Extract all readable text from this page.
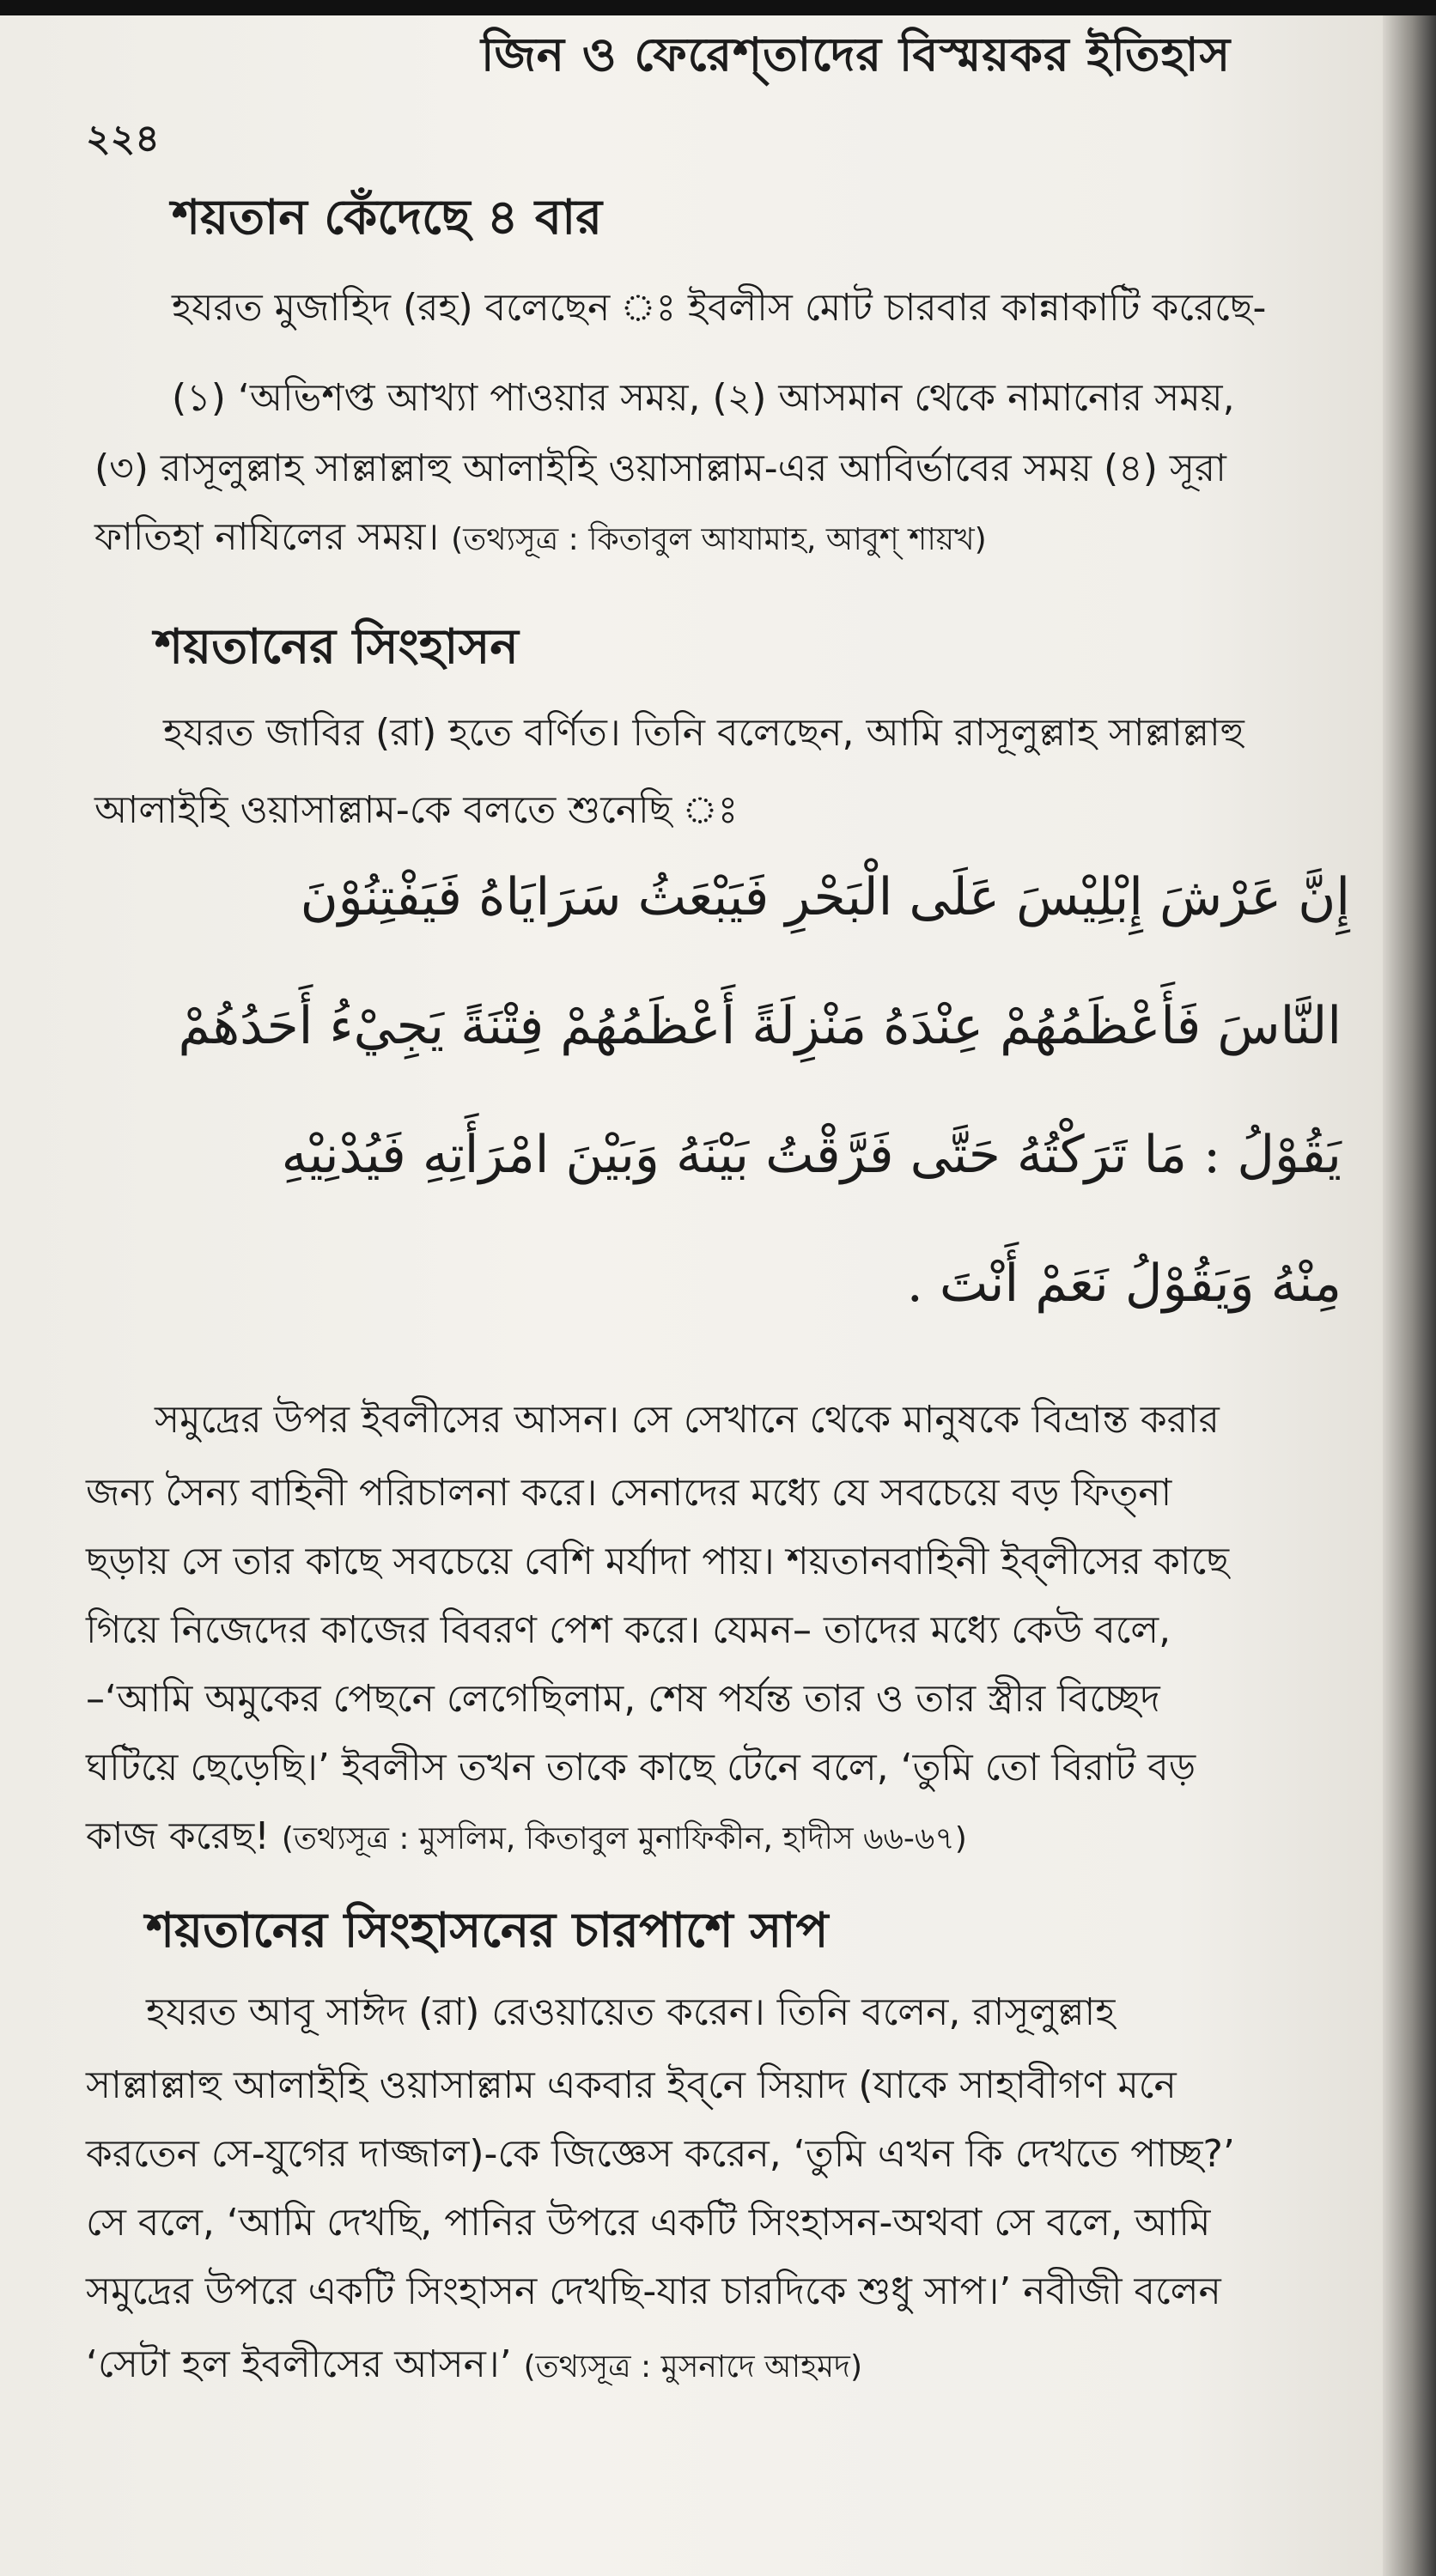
জিন ও ফেরেশ্‌তাদের বিস্ময়কর ইতিহাস
২২৪
শয়তান কেঁদেছে ৪ বার
হযরত মুজাহিদ (রহ) বলেছেন ঃ ইবলীস মোট চারবার কান্নাকাটি করেছে-
(১) ‘অভিশপ্ত আখ্যা পাওয়ার সময়, (২) আসমান থেকে নামানোর সময়,
(৩) রাসূলুল্লাহ সাল্লাল্লাহু আলাইহি ওয়াসাল্লাম-এর আবির্ভাবের সময় (৪) সূরা
ফাতিহা নাযিলের সময়। (তথ্যসূত্র : কিতাবুল আযামাহ, আবুশ্ শায়খ)
শয়তানের সিংহাসন
হযরত জাবির (রা) হতে বর্ণিত। তিনি বলেছেন, আমি রাসূলুল্লাহ সাল্লাল্লাহু
আলাইহি ওয়াসাল্লাম-কে বলতে শুনেছি ঃ
إِنَّ عَرْشَ إِبْلِيْسَ عَلَى الْبَحْرِ فَيَبْعَثُ سَرَايَاهُ فَيَفْتِنُوْنَ
النَّاسَ فَأَعْظَمُهُمْ عِنْدَهُ مَنْزِلَةً أَعْظَمُهُمْ فِتْنَةً يَجِيْءُ أَحَدُهُمْ
يَقُوْلُ : مَا تَرَكْتُهُ حَتَّى فَرَّقْتُ بَيْنَهُ وَبَيْنَ امْرَأَتِهِ فَيُدْنِيْهِ
مِنْهُ وَيَقُوْلُ نَعَمْ أَنْتَ .
সমুদ্রের উপর ইবলীসের আসন। সে সেখানে থেকে মানুষকে বিভ্রান্ত করার
জন্য সৈন্য বাহিনী পরিচালনা করে। সেনাদের মধ্যে যে সবচেয়ে বড় ফিত্‌না
ছড়ায় সে তার কাছে সবচেয়ে বেশি মর্যাদা পায়। শয়তানবাহিনী ইব্‌লীসের কাছে
গিয়ে নিজেদের কাজের বিবরণ পেশ করে। যেমন– তাদের মধ্যে কেউ বলে,
–‘আমি অমুকের পেছনে লেগেছিলাম, শেষ পর্যন্ত তার ও তার স্ত্রীর বিচ্ছেদ
ঘটিয়ে ছেড়েছি।’ ইবলীস তখন তাকে কাছে টেনে বলে, ‘তুমি তো বিরাট বড়
কাজ করেছ! (তথ্যসূত্র : মুসলিম, কিতাবুল মুনাফিকীন, হাদীস ৬৬-৬৭)
শয়তানের সিংহাসনের চারপাশে সাপ
হযরত আবূ সাঈদ (রা) রেওয়ায়েত করেন। তিনি বলেন, রাসূলুল্লাহ
সাল্লাল্লাহু আলাইহি ওয়াসাল্লাম একবার ইব্‌নে সিয়াদ (যাকে সাহাবীগণ মনে
করতেন সে-যুগের দাজ্জাল)-কে জিজ্ঞেস করেন, ‘তুমি এখন কি দেখতে পাচ্ছ?’
সে বলে, ‘আমি দেখছি, পানির উপরে একটি সিংহাসন-অথবা সে বলে, আমি
সমুদ্রের উপরে একটি সিংহাসন দেখছি-যার চারদিকে শুধু সাপ।’ নবীজী বলেন
‘সেটা হল ইবলীসের আসন।’ (তথ্যসূত্র : মুসনাদে আহমদ)
